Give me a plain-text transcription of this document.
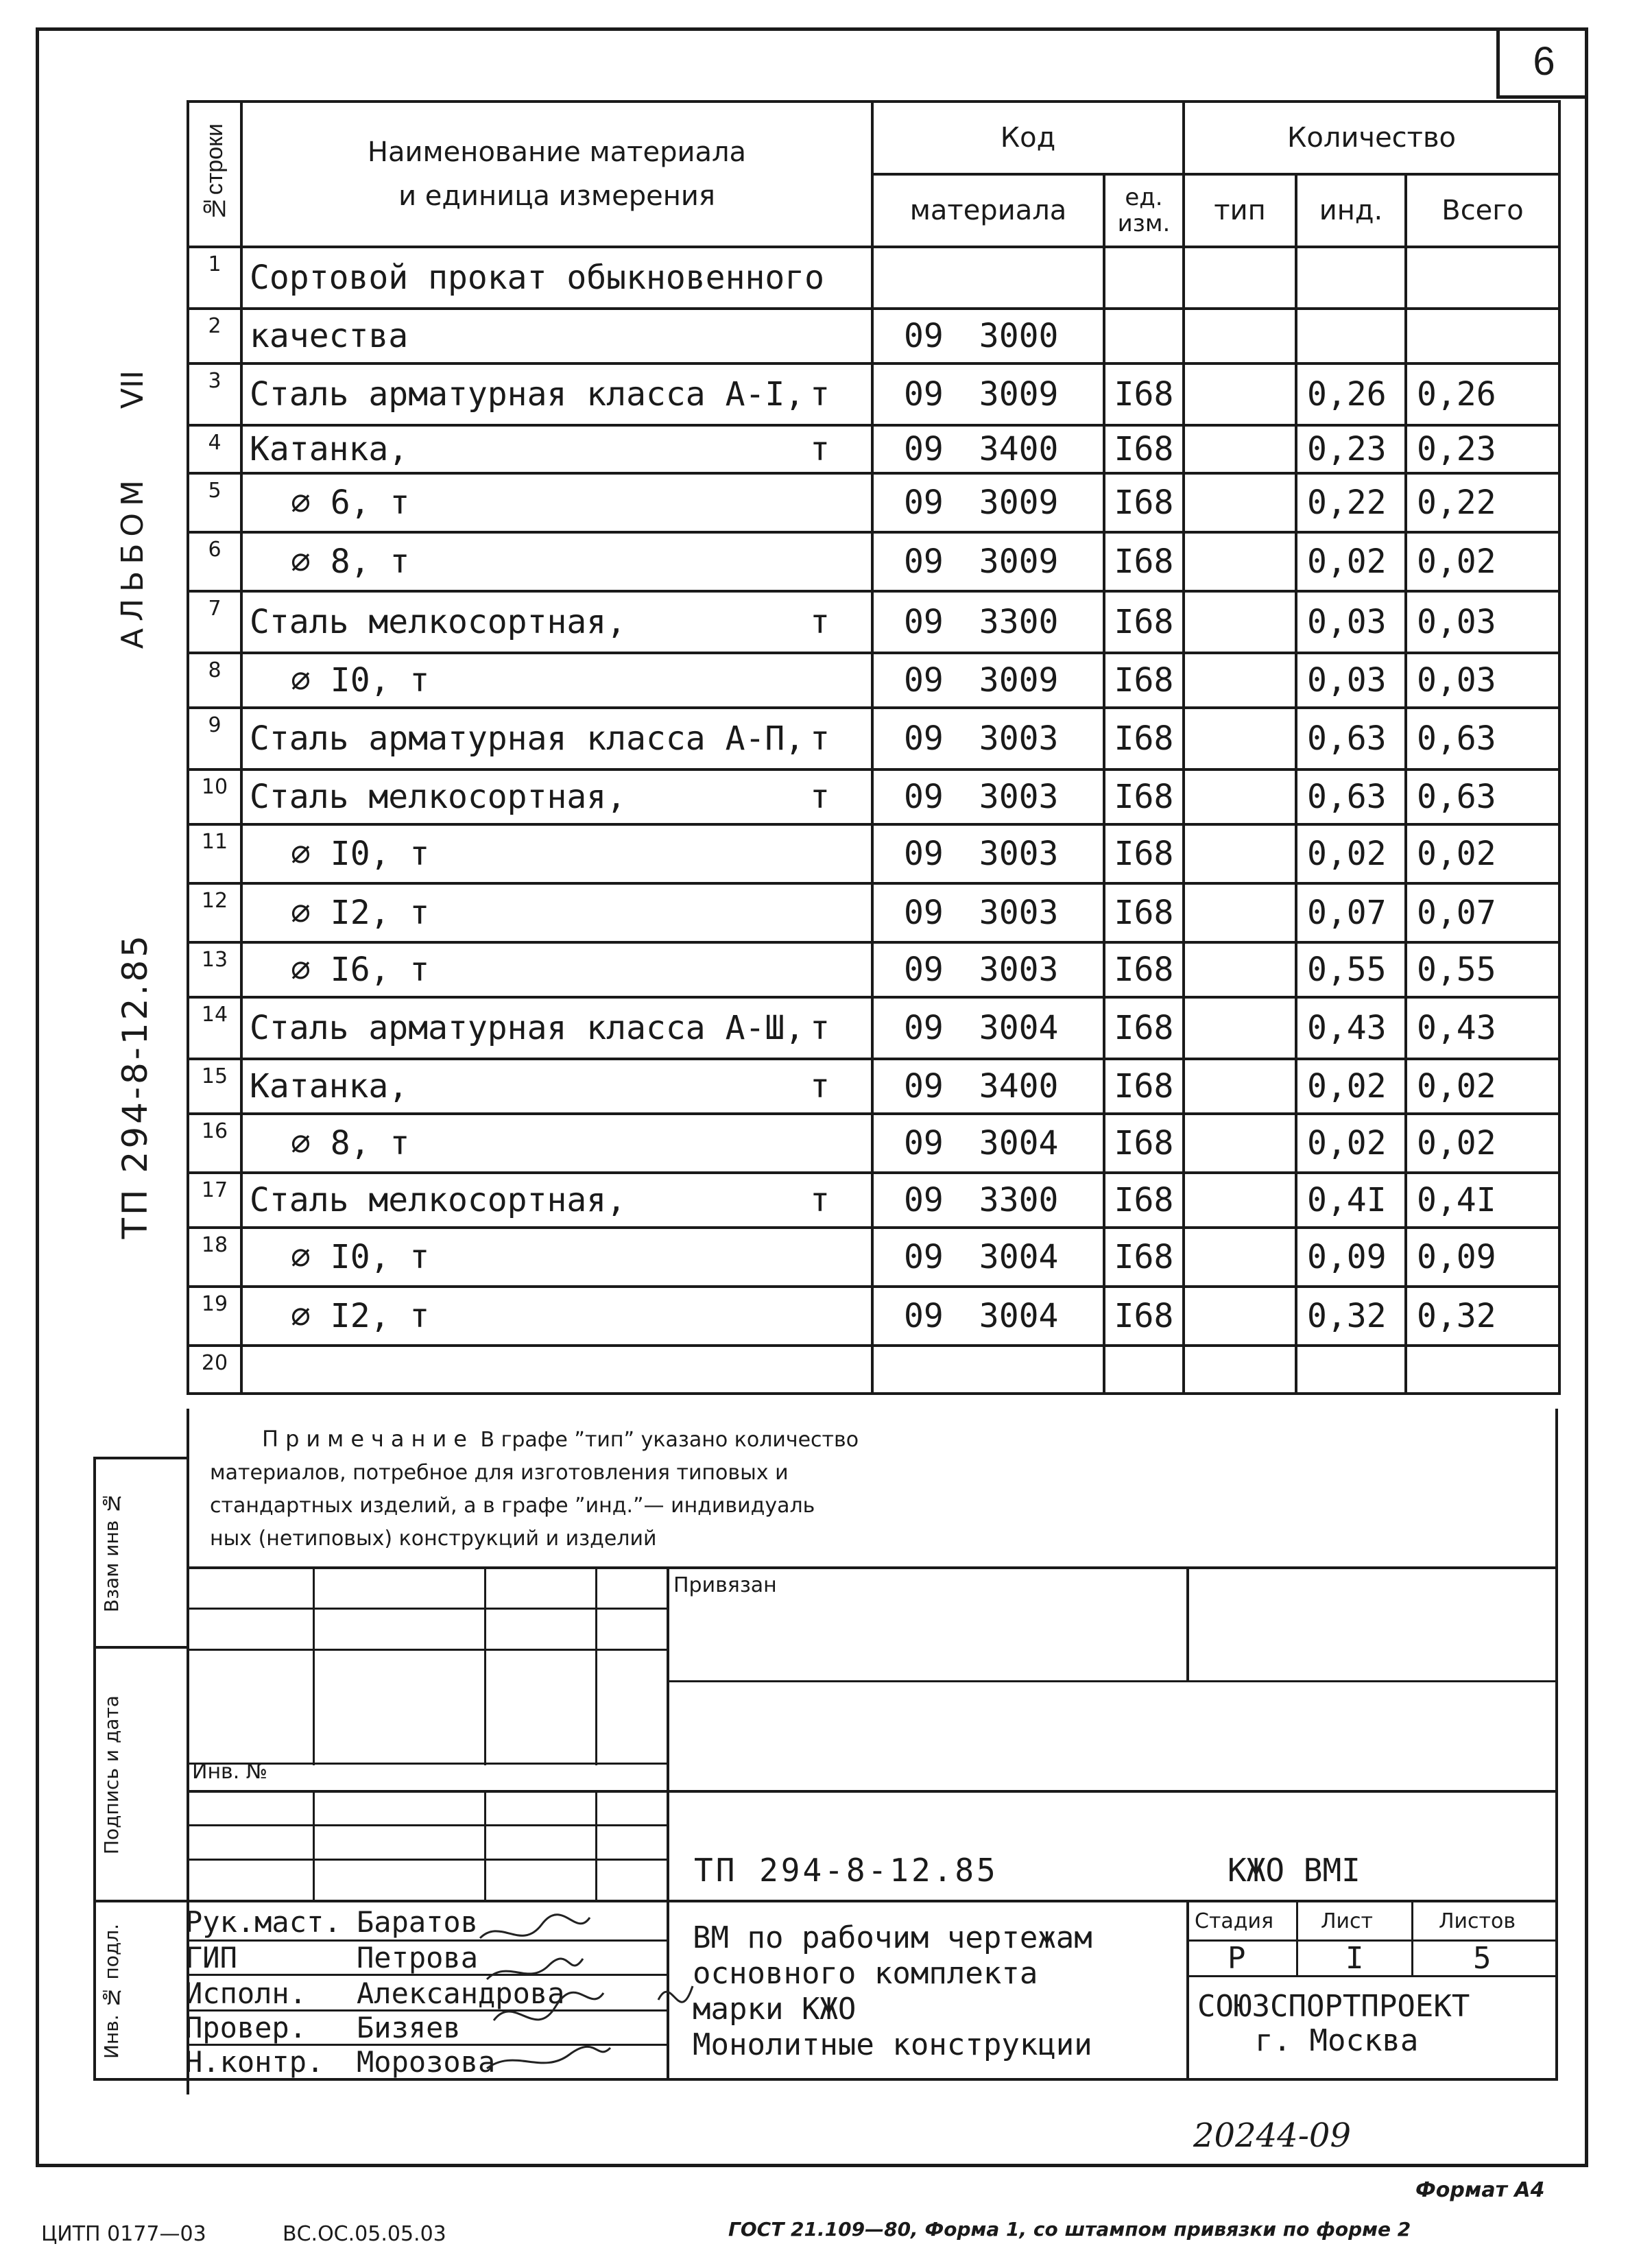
6
АЛЬБОМ
VII
ТП 294-8-12.85
№строки	Наименование материала
и единица измерения	Код		Количество		
		материала	ед. изм.	тип	инд.	Всего
1	Сортовой прокат обыкновенного					
2	качества	09 3000				
3	Сталь арматурная класса А-I, т	09 3009	I68		0,26	0,26
4	Катанка, т	09 3400	I68		0,23	0,23
5	∅ 6, т	09 3009	I68		0,22	0,22
6	∅ 8, т	09 3009	I68		0,02	0,02
7	Сталь мелкосортная, т	09 3300	I68		0,03	0,03
8	∅ I0, т	09 3009	I68		0,03	0,03
9	Сталь арматурная класса А-П, т	09 3003	I68		0,63	0,63
10	Сталь мелкосортная, т	09 3003	I68		0,63	0,63
11	∅ I0, т	09 3003	I68		0,02	0,02
12	∅ I2, т	09 3003	I68		0,07	0,07
13	∅ I6, т	09 3003	I68		0,55	0,55
14	Сталь арматурная класса А-Ш, т	09 3004	I68		0,43	0,43
15	Катанка, т	09 3400	I68		0,02	0,02
16	∅ 8, т	09 3004	I68		0,02	0,02
17	Сталь мелкосортная, т	09 3300	I68		0,4I	0,4I
18	∅ I0, т	09 3004	I68		0,09	0,09
19	∅ I2, т	09 3004	I68		0,32	0,32
20						
Примечание В графе ”тип” указано количество
материалов, потребное для изготовления типовых и
стандартных изделий, а в графе ”инд.”— индивидуаль
ных (нетиповых) конструкций и изделий
Взам инв №
Подпись и дата
Инв. № подл.
Привязан
Инв. №
ТП 294-8-12.85	КЖО ВМI
Рук.маст. Баратов
ГИП	Петрова
Исполн. Александрова
Провер. Бизяев
Н.контр. Морозова
ВМ по рабочим чертежам
основного комплекта
марки КЖО
Монолитные конструкции
Стадия Лист	Листов
Р	I	5
СОЮЗСПОРТПРОЕКТ
г. Москва
20244-09
Формат А4
ЦИТП 0177—03	ВС.ОС.05.05.03	ГОСТ 21.109—80, Форма 1, со штампом привязки по форме 2
